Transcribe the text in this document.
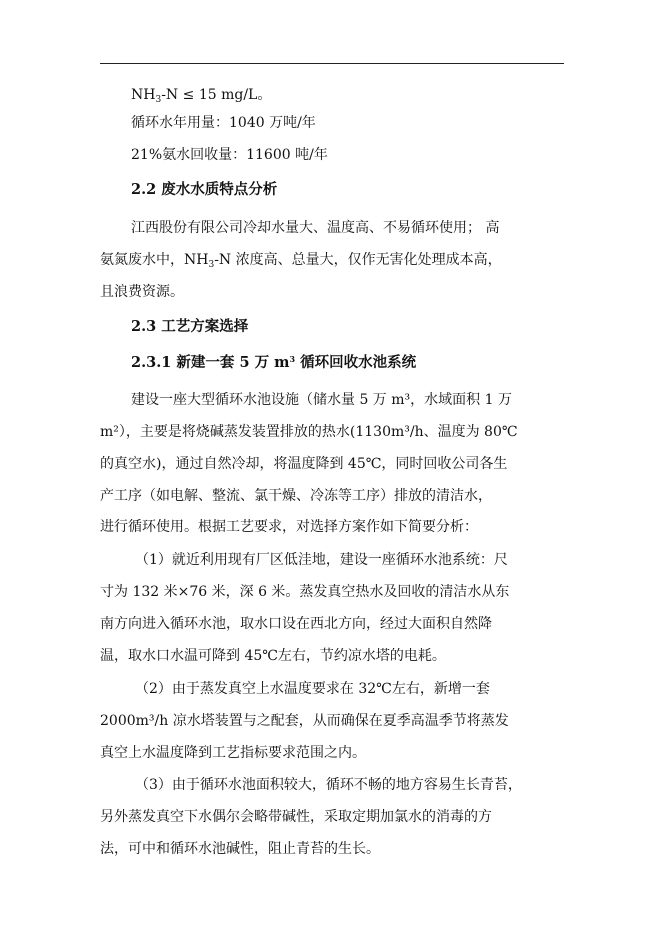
$NH_3-N \le 15$ mg/L。
循环水年用量：1040 万吨/年
21%氨水回收量：11600 吨/年
2.2 废水水质特点分析
江西股份有限公司冷却水量大、温度高、不易循环使用； 高
氨氮废水中，$NH_3-N$ 浓度高、总量大，仅作无害化处理成本高，
且浪费资源。
2.3 工艺方案选择
2.3.1 新建一套 5 万 $m^3$ 循环回收水池系统
建设一座大型循环水池设施（储水量 5 万 m³，水域面积 1 万
m²），主要是将烧碱蒸发装置排放的热水(1130m³/h、温度为 80℃
的真空水)，通过自然冷却，将温度降到 45℃，同时回收公司各生
产工序（如电解、整流、氯干燥、冷冻等工序）排放的清洁水，
进行循环使用。根据工艺要求，对选择方案作如下简要分析：
（1）就近利用现有厂区低洼地，建设一座循环水池系统：尺
寸为 132 米×76 米，深 6 米。蒸发真空热水及回收的清洁水从东
南方向进入循环水池，取水口设在西北方向，经过大面积自然降
温，取水口水温可降到 45℃左右，节约凉水塔的电耗。
（2）由于蒸发真空上水温度要求在 32℃左右，新增一套
2000m³/h 凉水塔装置与之配套，从而确保在夏季高温季节将蒸发
真空上水温度降到工艺指标要求范围之内。
（3）由于循环水池面积较大，循环不畅的地方容易生长青苔，
另外蒸发真空下水偶尔会略带碱性，采取定期加氯水的消毒的方
法，可中和循环水池碱性，阻止青苔的生长。
